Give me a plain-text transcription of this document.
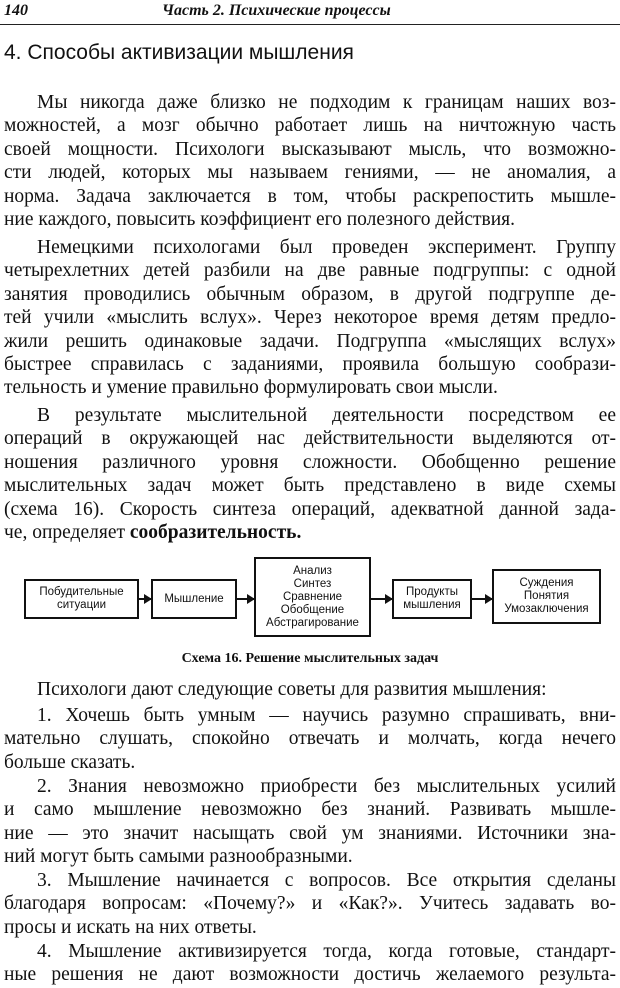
140	Часть 2. Психические процессы
4. Способы активизации мышления
Мы никогда даже близко не подходим к границам наших воз-
можностей, а мозг обычно работает лишь на ничтожную часть
своей мощности. Психологи высказывают мысль, что возможно-
сти людей, которых мы называем гениями, — не аномалия, а
норма. Задача заключается в том, чтобы раскрепостить мышле-
ние каждого, повысить коэффициент его полезного действия.
Немецкими психологами был проведен эксперимент. Группу
четырехлетних детей разбили на две равные подгруппы: с одной
занятия проводились обычным образом, в другой подгруппе де-
тей учили «мыслить вслух». Через некоторое время детям предло-
жили решить одинаковые задачи. Подгруппа «мыслящих вслух»
быстрее справилась с заданиями, проявила большую сообрази-
тельность и умение правильно формулировать свои мысли.
В результате мыслительной деятельности посредством ее
операций в окружающей нас действительности выделяются от-
ношения различного уровня сложности. Обобщенно решение
мыслительных задач может быть представлено в виде схемы
(схема 16). Скорость синтеза операций, адекватной данной зада-
че, определяет сообразительность.
Побудительные
ситуации
Мышление
Анализ
Синтез
Сравнение
Обобщение
Абстрагирование
Продукты
мышления
Суждения
Понятия
Умозаключения
Схема 16. Решение мыслительных задач
Психологи дают следующие советы для развития мышления:
1. Хочешь быть умным — научись разумно спрашивать, вни-
мательно слушать, спокойно отвечать и молчать, когда нечего
больше сказать.
2. Знания невозможно приобрести без мыслительных усилий
и само мышление невозможно без знаний. Развивать мышле-
ние — это значит насыщать свой ум знаниями. Источники зна-
ний могут быть самыми разнообразными.
3. Мышление начинается с вопросов. Все открытия сделаны
благодаря вопросам: «Почему?» и «Как?». Учитесь задавать во-
просы и искать на них ответы.
4. Мышление активизируется тогда, когда готовые, стандарт-
ные решения не дают возможности достичь желаемого результа-
